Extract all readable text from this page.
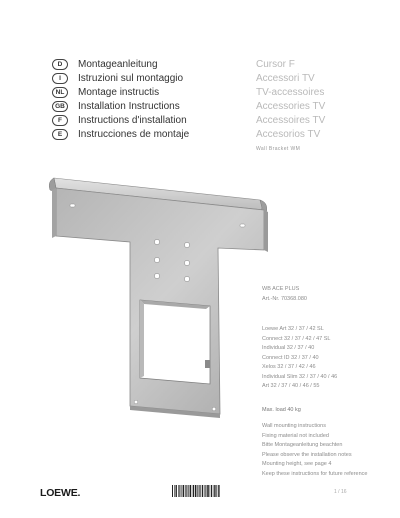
D	Montageanleitung	Cursor F
I	Istruzioni sul montaggio	Accessori TV
NL	Montage instructis	TV-accessoires
GB	Installation Instructions	Accessories TV
F	Instructions d'installation	Accessoires TV
E	Instrucciones de montaje	Accesorios TV
Wall Bracket WM
WB ACE PLUS
Art.-Nr. 70368.080
Loewe Art 32 / 37 / 42 SL
Connect 32 / 37 / 42 / 47 SL
Individual 32 / 37 / 40
Connect ID 32 / 37 / 40
Xelos 32 / 37 / 42 / 46
Individual Slim 32 / 37 / 40 / 46
Art 32 / 37 / 40 / 46 / 55
Max. load 40 kg
Wall mounting instructions
Fixing material not included
Bitte Montageanleitung beachten
Please observe the installation notes
Mounting height, see page 4
Keep these instructions for future reference
LOEWE.	1 / 16
